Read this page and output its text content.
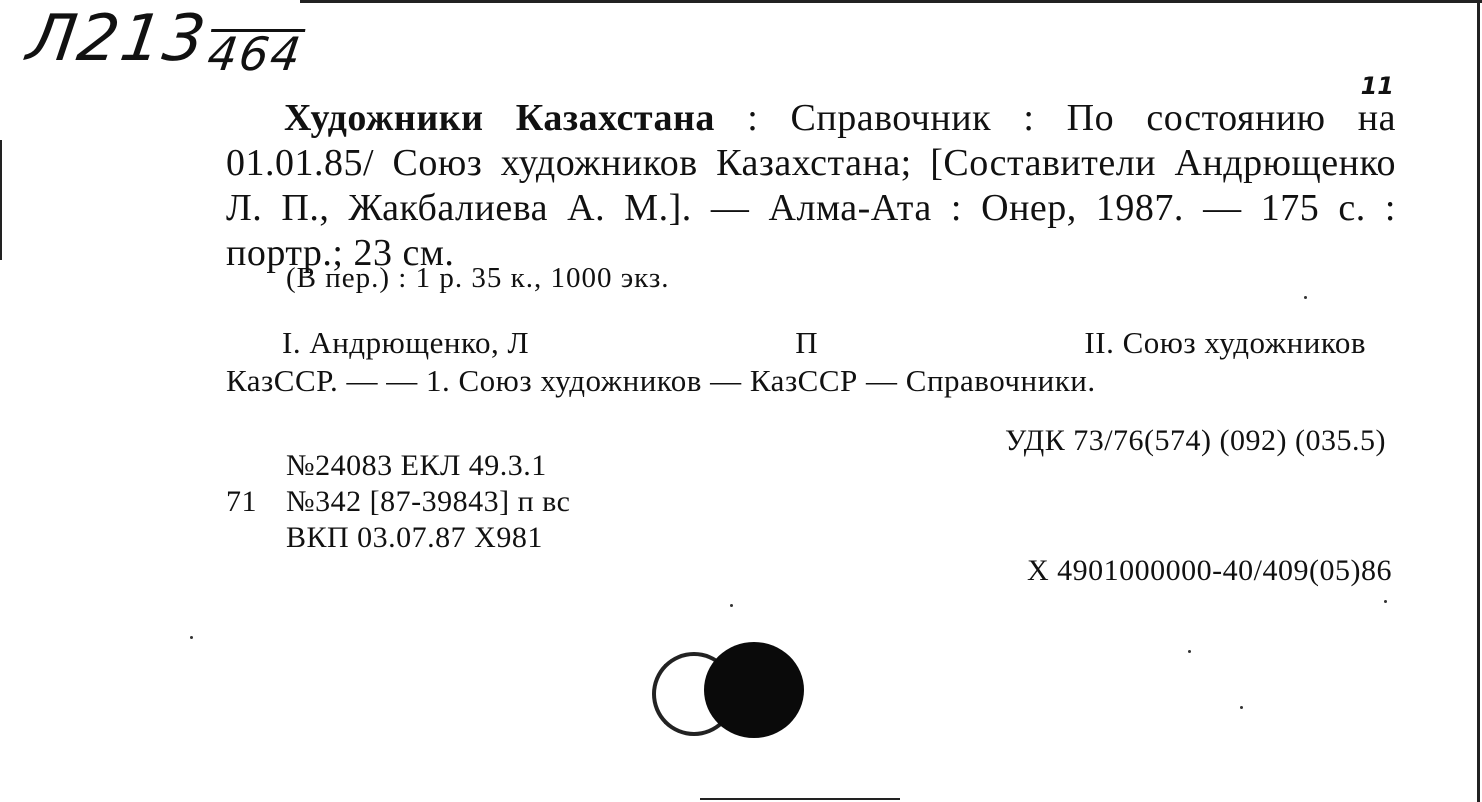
Л213464
11
Художники Казахстана : Справочник : По состоянию на 01.01.85/ Союз художников Казахстана; [Составители Андрющенко Л. П., Жакбалиева А. М.]. — Алма-Ата : Онер, 1987. — 175 с. : портр.; 23 см.
(В пер.) : 1 р. 35 к., 1000 экз.
I. Андрющенко, Л	П	II. Союз художников
КазССР. — — 1. Союз художников — КазССР — Справочники.
УДК 73/76(574) (092) (035.5)
№24083 ЕКЛ 49.3.1
71 №342 [87-39843] п вс
ВКП 03.07.87 Х981
Х 4901000000-40/409(05)86
